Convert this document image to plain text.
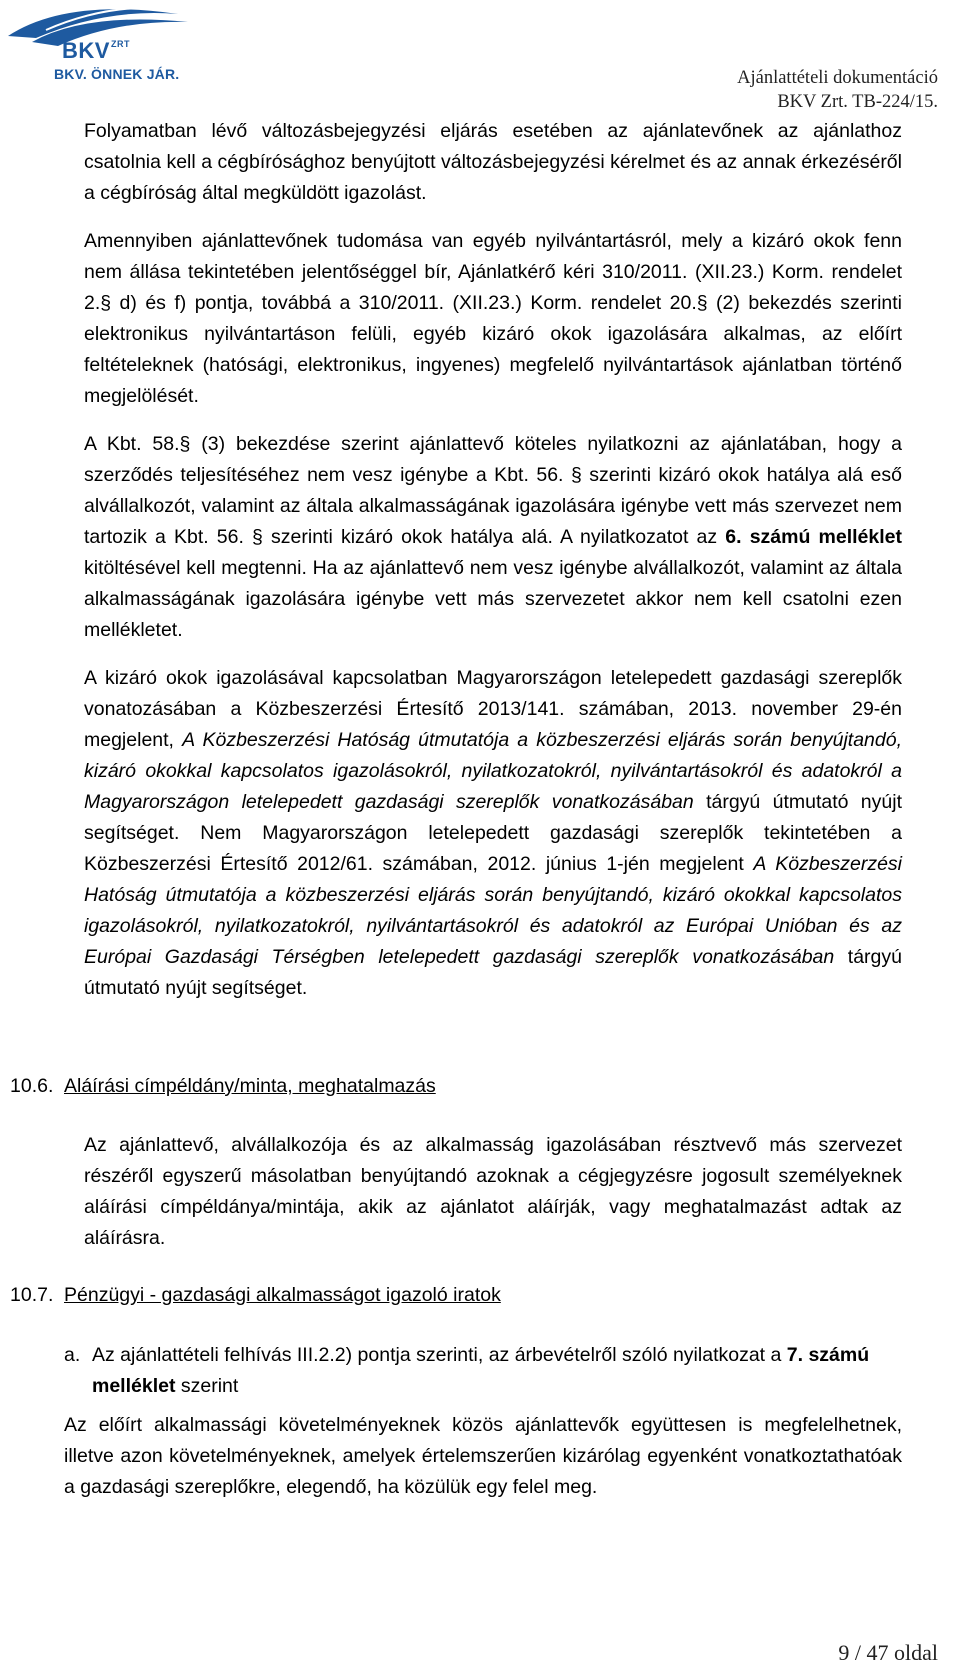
$BKV^{ZRT}$
BKV. ÖNNEK JÁR.	Ajánlattételi dokumentáció
BKV Zrt. TB-224/15.

Folyamatban lévő változásbejegyzési eljárás esetében az ajánlatevőnek az ajánlathoz csatolnia kell a cégbírósághoz benyújtott változásbejegyzési kérelmet és az annak érkezéséről a cégbíróság által megküldött igazolást.

Amennyiben ajánlattevőnek tudomása van egyéb nyilvántartásról, mely a kizáró okok fenn nem állása tekintetében jelentőséggel bír, Ajánlatkérő kéri 310/2011. (XII.23.) Korm. rendelet 2.§ d) és f) pontja, továbbá a 310/2011. (XII.23.) Korm. rendelet 20.§ (2) bekezdés szerinti elektronikus nyilvántartáson felüli, egyéb kizáró okok igazolására alkalmas, az előírt feltételeknek (hatósági, elektronikus, ingyenes) megfelelő nyilvántartások ajánlatban történő megjelölését.

A Kbt. 58.§ (3) bekezdése szerint ajánlattevő köteles nyilatkozni az ajánlatában, hogy a szerződés teljesítéséhez nem vesz igénybe a Kbt. 56. § szerinti kizáró okok hatálya alá eső alvállalkozót, valamint az általa alkalmasságának igazolására igénybe vett más szervezet nem tartozik a Kbt. 56. § szerinti kizáró okok hatálya alá. A nyilatkozatot az 6. számú melléklet kitöltésével kell megtenni. Ha az ajánlattevő nem vesz igénybe alvállalkozót, valamint az általa alkalmasságának igazolására igénybe vett más szervezetet akkor nem kell csatolni ezen mellékletet.

A kizáró okok igazolásával kapcsolatban Magyarországon letelepedett gazdasági szereplők vonatozásában a Közbeszerzési Értesítő 2013/141. számában, 2013. november 29-én megjelent, A Közbeszerzési Hatóság útmutatója a közbeszerzési eljárás során benyújtandó, kizáró okokkal kapcsolatos igazolásokról, nyilatkozatokról, nyilvántartásokról és adatokról a Magyarországon letelepedett gazdasági szereplők vonatkozásában tárgyú útmutató nyújt segítséget. Nem Magyarországon letelepedett gazdasági szereplők tekintetében a Közbeszerzési Értesítő 2012/61. számában, 2012. június 1-jén megjelent A Közbeszerzési Hatóság útmutatója a közbeszerzési eljárás során benyújtandó, kizáró okokkal kapcsolatos igazolásokról, nyilatkozatokról, nyilvántartásokról és adatokról az Európai Unióban és az Európai Gazdasági Térségben letelepedett gazdasági szereplők vonatkozásában tárgyú útmutató nyújt segítséget.

10.6. Aláírási címpéldány/minta, meghatalmazás

Az ajánlattevő, alvállalkozója és az alkalmasság igazolásában résztvevő más szervezet részéről egyszerű másolatban benyújtandó azoknak a cégjegyzésre jogosult személyeknek aláírási címpéldánya/mintája, akik az ajánlatot aláírják, vagy meghatalmazást adtak az aláírásra.

10.7. Pénzügyi - gazdasági alkalmasságot igazoló iratok
a. Az ajánlattételi felhívás III.2.2) pontja szerinti, az árbevételről szóló nyilatkozat a 7. számú melléklet szerint

Az előírt alkalmassági követelményeknek közös ajánlattevők együttesen is megfelelhetnek, illetve azon követelményeknek, amelyek értelemszerűen kizárólag egyenként vonatkoztathatóak a gazdasági szereplőkre, elegendő, ha közülük egy felel meg.

9 / 47 oldal
